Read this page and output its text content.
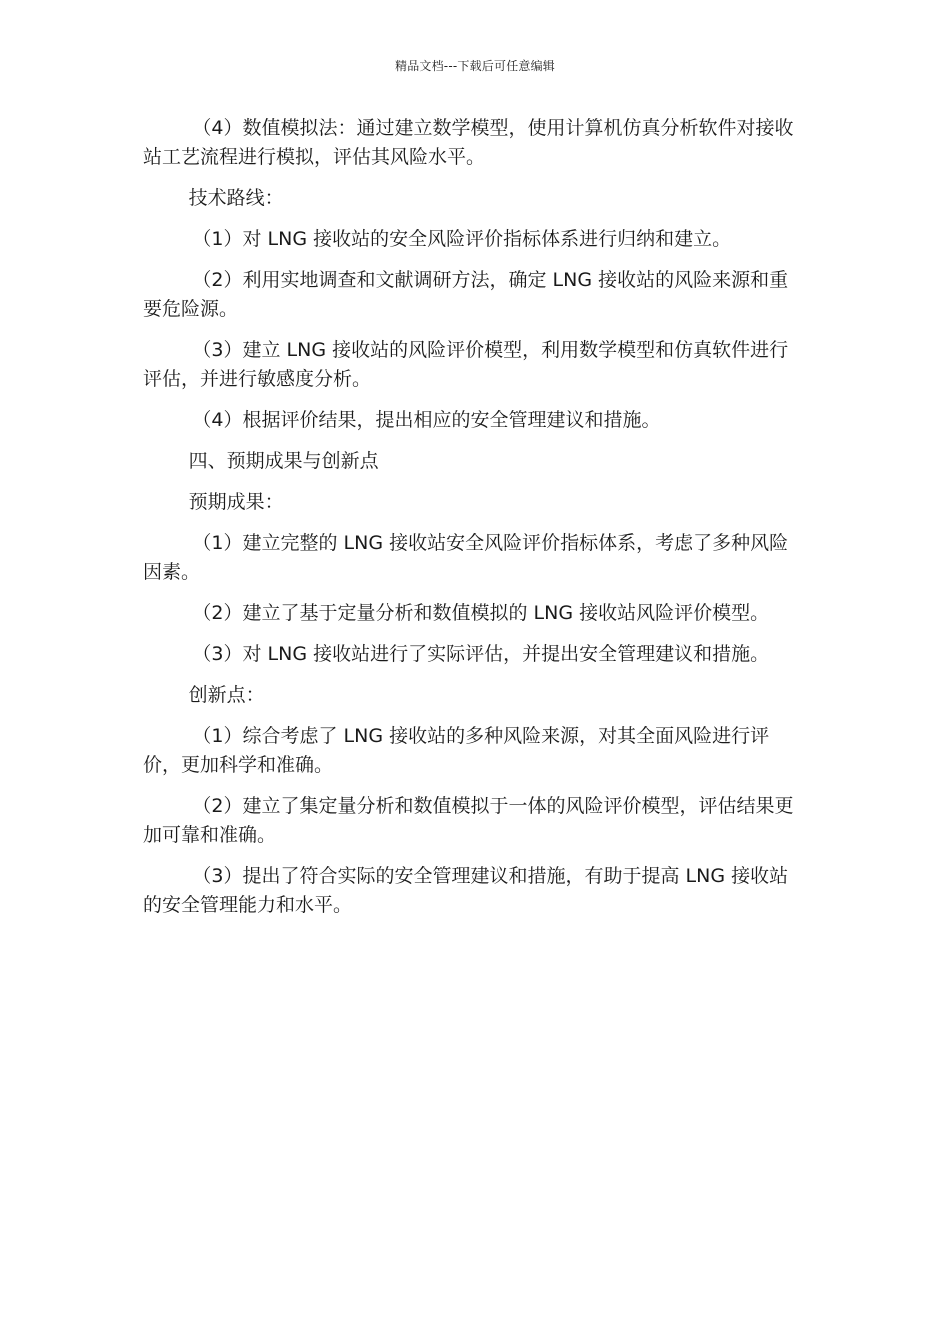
精品文档---下载后可任意编辑

（4）数值模拟法：通过建立数学模型，使用计算机仿真分析软件对接收站工艺流程进行模拟，评估其风险水平。

技术路线：

（1）对 LNG 接收站的安全风险评价指标体系进行归纳和建立。

（2）利用实地调查和文献调研方法，确定 LNG 接收站的风险来源和重要危险源。

（3）建立 LNG 接收站的风险评价模型，利用数学模型和仿真软件进行评估，并进行敏感度分析。

（4）根据评价结果，提出相应的安全管理建议和措施。

四、预期成果与创新点

预期成果：

（1）建立完整的 LNG 接收站安全风险评价指标体系，考虑了多种风险因素。

（2）建立了基于定量分析和数值模拟的 LNG 接收站风险评价模型。

（3）对 LNG 接收站进行了实际评估，并提出安全管理建议和措施。

创新点：

（1）综合考虑了 LNG 接收站的多种风险来源，对其全面风险进行评价，更加科学和准确。

（2）建立了集定量分析和数值模拟于一体的风险评价模型，评估结果更加可靠和准确。

（3）提出了符合实际的安全管理建议和措施，有助于提高 LNG 接收站的安全管理能力和水平。
